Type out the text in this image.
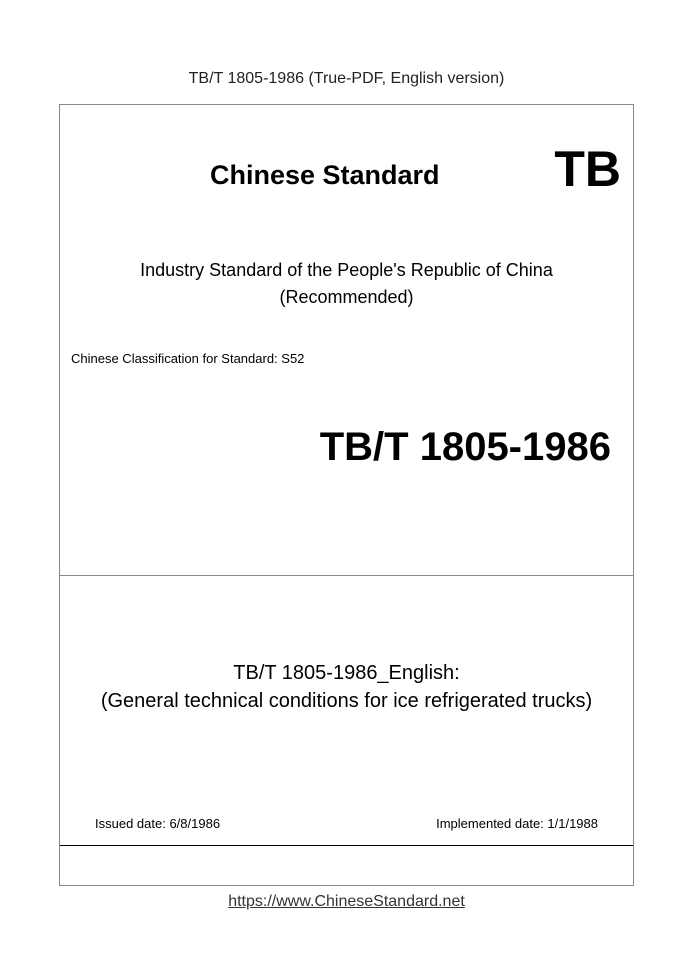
TB/T 1805-1986 (True-PDF, English version)
Chinese Standard TB
Industry Standard of the People's Republic of China
(Recommended)
Chinese Classification for Standard: S52
TB/T 1805-1986
TB/T 1805-1986_English:
(General technical conditions for ice refrigerated trucks)
Issued date: 6/8/1986	Implemented date: 1/1/1988
https://www.ChineseStandard.net
